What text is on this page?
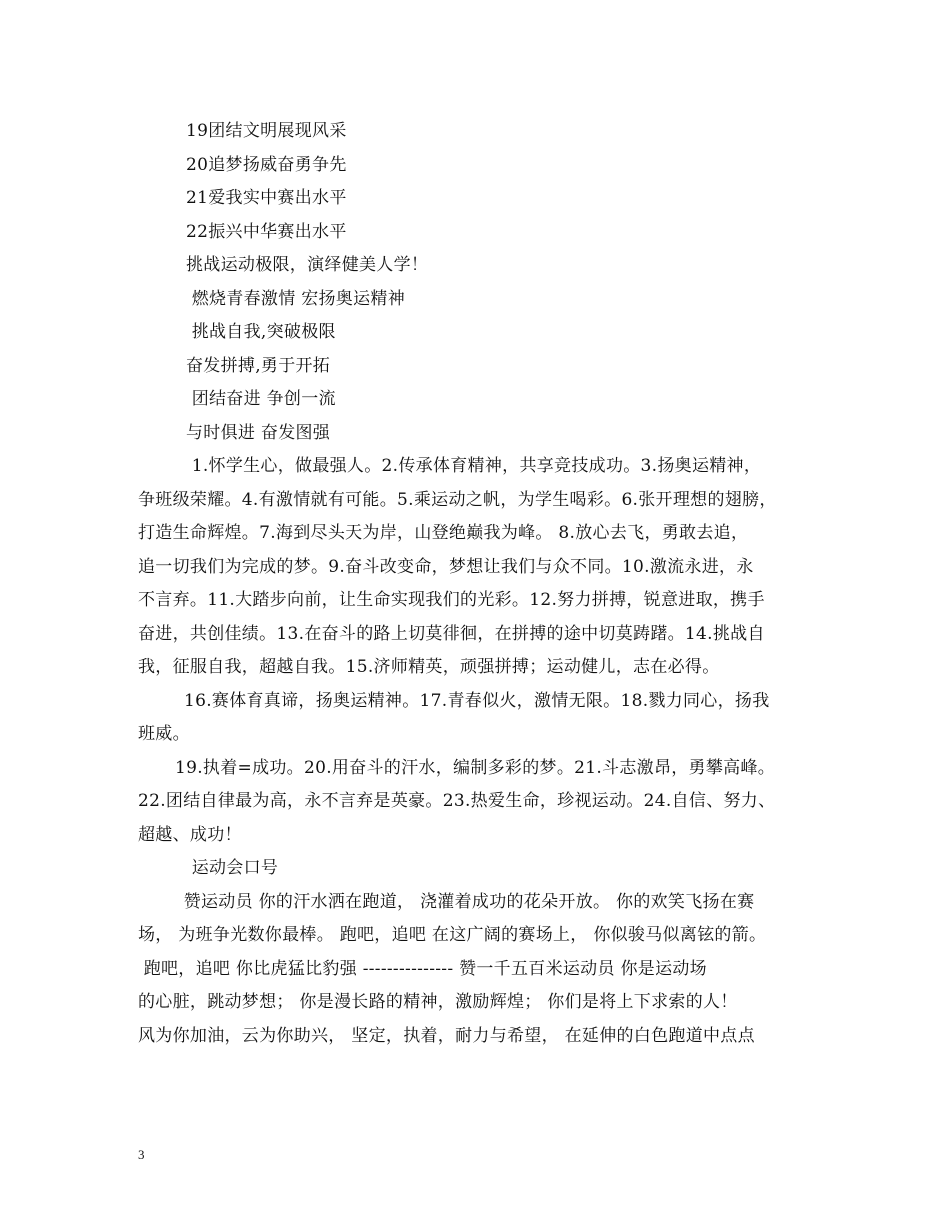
19团结文明展现风采
20追梦扬威奋勇争先
21爱我实中赛出水平
22振兴中华赛出水平
挑战运动极限，演绎健美人学！
燃烧青春激情 宏扬奥运精神
挑战自我,突破极限
奋发拼搏,勇于开拓
团结奋进 争创一流
与时俱进 奋发图强
1.怀学生心，做最强人。2.传承体育精神，共享竞技成功。3.扬奥运精神，
争班级荣耀。4.有激情就有可能。5.乘运动之帆，为学生喝彩。6.张开理想的翅膀，
打造生命辉煌。7.海到尽头天为岸，山登绝巅我为峰。 8.放心去飞，勇敢去追，
追一切我们为完成的梦。9.奋斗改变命，梦想让我们与众不同。10.激流永进，永
不言弃。11.大踏步向前，让生命实现我们的光彩。12.努力拼搏，锐意进取，携手
奋进，共创佳绩。13.在奋斗的路上切莫徘徊，在拼搏的途中切莫踌躇。14.挑战自
我，征服自我，超越自我。15.济师精英，顽强拼搏；运动健儿，志在必得。
16.赛体育真谛，扬奥运精神。17.青春似火，激情无限。18.戮力同心，扬我
班威。
19.执着=成功。20.用奋斗的汗水，编制多彩的梦。21.斗志激昂，勇攀高峰。
22.团结自律最为高，永不言弃是英豪。23.热爱生命，珍视运动。24.自信、努力、
超越、成功！
运动会口号
赞运动员 你的汗水洒在跑道， 浇灌着成功的花朵开放。 你的欢笑飞扬在赛
场， 为班争光数你最棒。 跑吧，追吧 在这广阔的赛场上， 你似骏马似离铉的箭。
跑吧，追吧 你比虎猛比豹强 --------------- 赞一千五百米运动员 你是运动场
的心脏，跳动梦想； 你是漫长路的精神，激励辉煌； 你们是将上下求索的人！
风为你加油，云为你助兴， 坚定，执着，耐力与希望， 在延伸的白色跑道中点点
3
